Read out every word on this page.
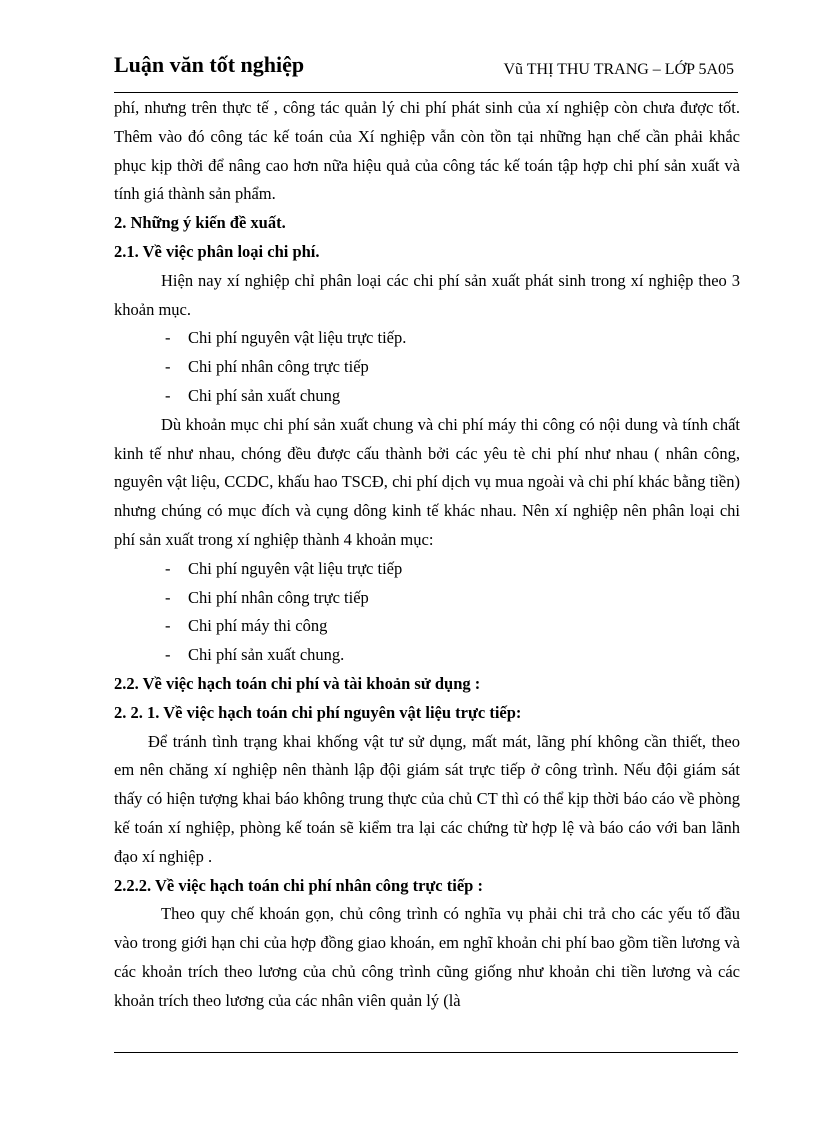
Luận văn tốt nghiệp	Vũ THỊ THU TRANG – LỚP 5A05

phí, nhưng trên thực tế , công tác quản lý chi phí phát sinh của xí nghiệp còn chưa được tốt. Thêm vào đó công tác kế toán của Xí nghiệp vẫn còn tồn tại những hạn chế cần phải khắc phục kịp thời để nâng cao hơn nữa hiệu quả của công tác kế toán tập hợp chi phí sản xuất và tính giá thành sản phẩm.

2. Những ý kiến đề xuất.

2.1. Về việc phân loại chi phí.

Hiện nay xí nghiệp chỉ phân loại các chi phí sản xuất phát sinh trong xí nghiệp theo 3 khoản mục.

- Chi phí nguyên vật liệu trực tiếp.
- Chi phí nhân công trực tiếp
- Chi phí sản xuất chung

Dù khoản mục chi phí sản xuất chung và chi phí máy thi công có nội dung và tính chất kinh tế như nhau, chóng đều được cấu thành bởi các yêu tè chi phí như nhau ( nhân công, nguyên vật liệu, CCDC, khấu hao TSCĐ, chi phí dịch vụ mua ngoài và chi phí khác bằng tiền) nhưng chúng có mục đích và cụng dông kinh tế khác nhau. Nên xí nghiệp nên phân loại chi phí sản xuất trong xí nghiệp thành 4 khoản mục:

- Chi phí nguyên vật liệu trực tiếp
- Chi phí nhân công trực tiếp
- Chi phí máy thi công
- Chi phí sản xuất chung.

2.2. Về việc hạch toán chi phí và tài khoản sử dụng :

2. 2. 1. Về việc hạch toán chi phí nguyên vật liệu trực tiếp:

Để tránh tình trạng khai khống vật tư sử dụng, mất mát, lãng phí không cần thiết, theo em nên chăng xí nghiệp nên thành lập đội giám sát trực tiếp ở công trình. Nếu đội giám sát thấy có hiện tượng khai báo không trung thực của chủ CT thì có thể kịp thời báo cáo về phòng kế toán xí nghiệp, phòng kế toán sẽ kiểm tra lại các chứng từ hợp lệ và báo cáo với ban lãnh đạo xí nghiệp .

2.2.2. Về việc hạch toán chi phí nhân công trực tiếp :

Theo quy chế khoán gọn, chủ công trình có nghĩa vụ phải chi trả cho các yếu tố đầu vào trong giới hạn chi của hợp đồng giao khoán, em nghĩ khoản chi phí bao gồm tiền lương và các khoản trích theo lương của chủ công trình cũng giống như khoản chi tiền lương và các khoản trích theo lương của các nhân viên quản lý (là
